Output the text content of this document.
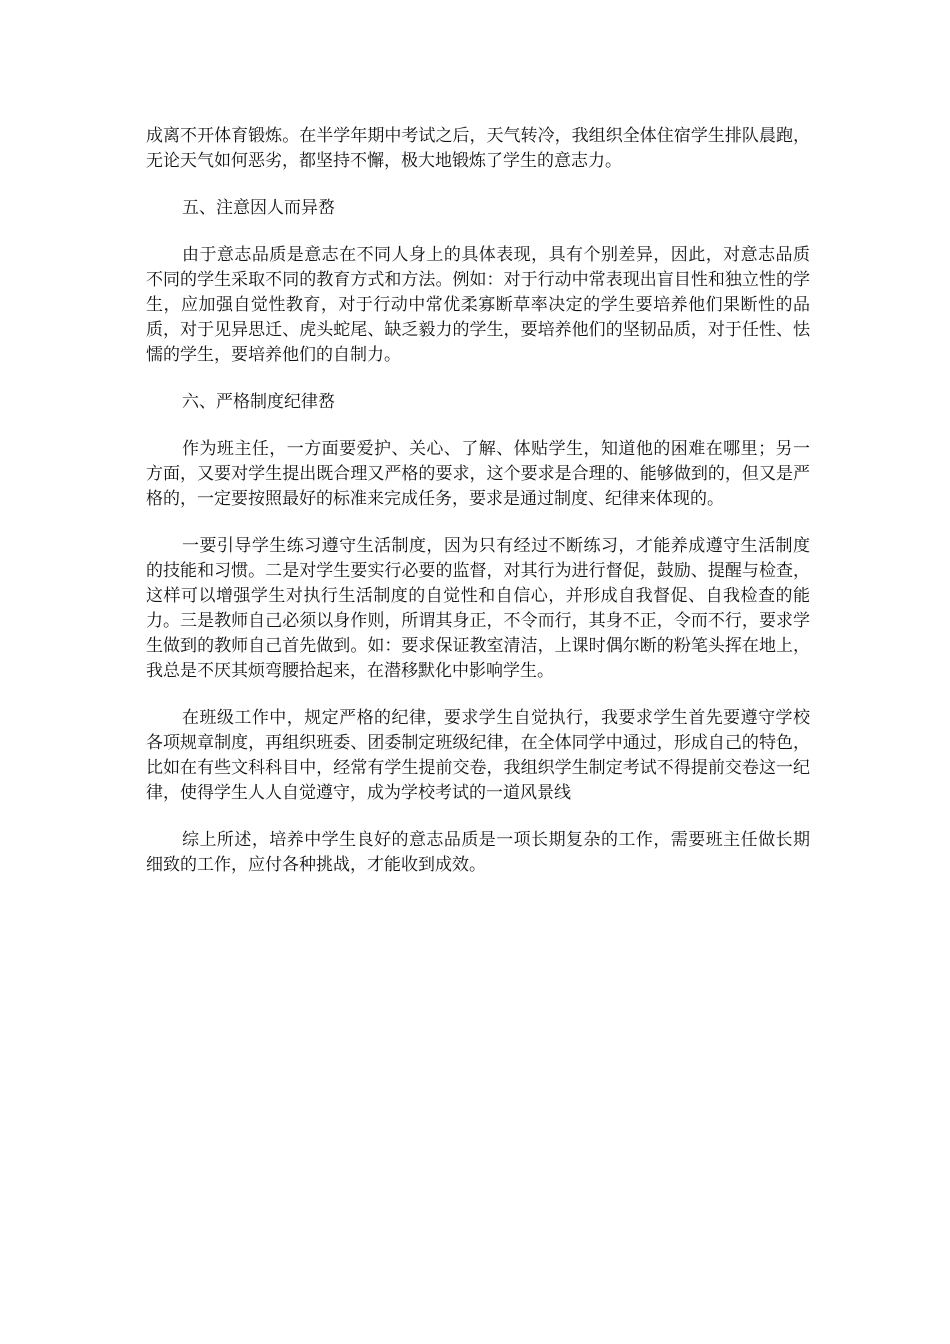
成离不开体育锻炼。在半学年期中考试之后，天气转冷，我组织全体住宿学生排队晨跑，无论天气如何恶劣，都坚持不懈，极大地锻炼了学生的意志力。

五、注意因人而异嵍

由于意志品质是意志在不同人身上的具体表现，具有个别差异，因此，对意志品质不同的学生采取不同的教育方式和方法。例如：对于行动中常表现出盲目性和独立性的学生，应加强自觉性教育，对于行动中常优柔寡断草率决定的学生要培养他们果断性的品质，对于见异思迁、虎头蛇尾、缺乏毅力的学生，要培养他们的坚韧品质，对于任性、怯懦的学生，要培养他们的自制力。

六、严格制度纪律嵍

作为班主任，一方面要爱护、关心、了解、体贴学生，知道他的困难在哪里；另一方面，又要对学生提出既合理又严格的要求，这个要求是合理的、能够做到的，但又是严格的，一定要按照最好的标准来完成任务，要求是通过制度、纪律来体现的。

一要引导学生练习遵守生活制度，因为只有经过不断练习，才能养成遵守生活制度的技能和习惯。二是对学生要实行必要的监督，对其行为进行督促，鼓励、提醒与检查，这样可以增强学生对执行生活制度的自觉性和自信心，并形成自我督促、自我检查的能力。三是教师自己必须以身作则，所谓其身正，不令而行，其身不正，令而不行，要求学生做到的教师自己首先做到。如：要求保证教室清洁，上课时偶尔断的粉笔头挥在地上，我总是不厌其烦弯腰拾起来，在潜移默化中影响学生。

在班级工作中，规定严格的纪律，要求学生自觉执行，我要求学生首先要遵守学校各项规章制度，再组织班委、团委制定班级纪律，在全体同学中通过，形成自己的特色，比如在有些文科科目中，经常有学生提前交卷，我组织学生制定考试不得提前交卷这一纪律，使得学生人人自觉遵守，成为学校考试的一道风景线

综上所述，培养中学生良好的意志品质是一项长期复杂的工作，需要班主任做长期细致的工作，应付各种挑战，才能收到成效。
